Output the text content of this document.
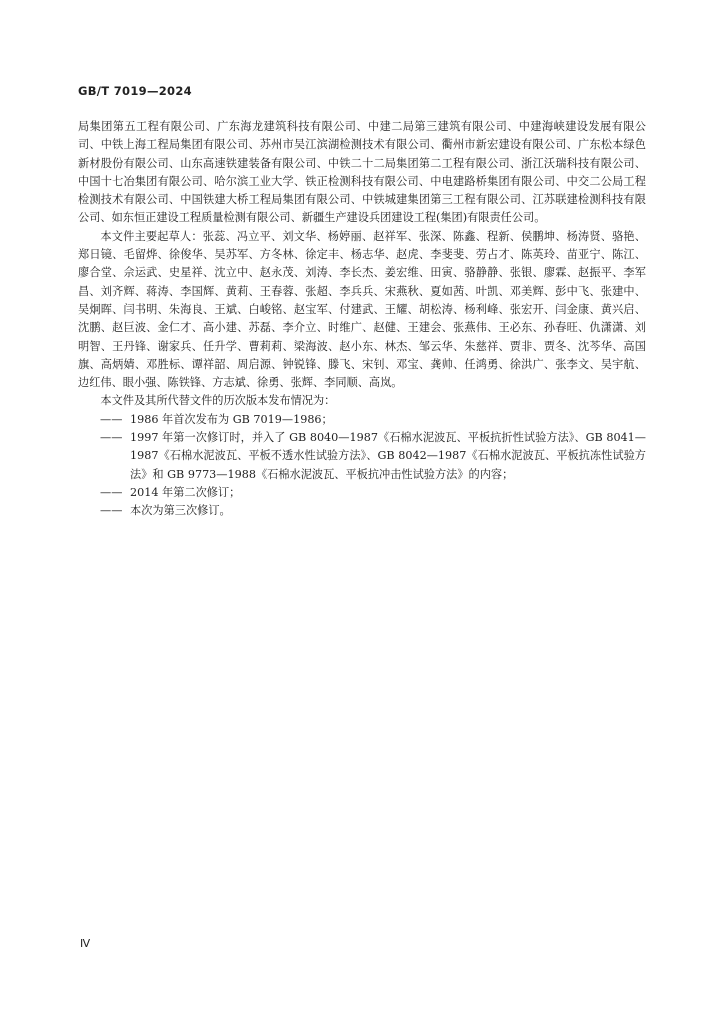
GB/T 7019—2024

局集团第五工程有限公司、广东海龙建筑科技有限公司、中建二局第三建筑有限公司、中建海峡建设发展有限公司、中铁上海工程局集团有限公司、苏州市吴江滨湖检测技术有限公司、衢州市新宏建设有限公司、广东松本绿色新材股份有限公司、山东高速铁建装备有限公司、中铁二十二局集团第二工程有限公司、浙江沃瑞科技有限公司、中国十七冶集团有限公司、哈尔滨工业大学、铁正检测科技有限公司、中电建路桥集团有限公司、中交二公局工程检测技术有限公司、中国铁建大桥工程局集团有限公司、中铁城建集团第三工程有限公司、江苏联建检测科技有限公司、如东恒正建设工程质量检测有限公司、新疆生产建设兵团建设工程(集团)有限责任公司。

本文件主要起草人：张蕊、冯立平、刘文华、杨婷丽、赵祥军、张深、陈鑫、程新、侯鹏坤、杨涛贤、骆艳、郑日镜、毛留烨、徐俊华、吴苏军、方冬林、徐定丰、杨志华、赵虎、李斐斐、劳占才、陈英玲、苗亚宁、陈江、廖合堂、佘运武、史星祥、沈立中、赵永茂、刘涛、李长杰、姜宏维、田寅、骆静静、张银、廖霖、赵振平、李军昌、刘齐辉、蒋涛、李国辉、黄莉、王春蓉、张超、李兵兵、宋燕秋、夏如茜、叶凯、邓美辉、彭中飞、张建中、吴炯晖、闫书明、朱海良、王斌、白峻铭、赵宝军、付建武、王耀、胡松涛、杨利峰、张宏开、闫金康、黄兴启、沈鹏、赵巨波、金仁才、高小建、苏磊、李介立、时维广、赵健、王建会、张燕伟、王必东、孙春旺、仇潇潇、刘明智、王丹锋、谢家兵、任升学、曹莉莉、梁海波、赵小东、林杰、邹云华、朱慈祥、贾非、贾冬、沈芩华、高国旗、高炳婧、邓胜标、谭祥韶、周启源、钟锐锋、滕飞、宋钊、邓宝、龚帅、任鸿勇、徐洪广、张李文、吴宇航、边红伟、眼小强、陈铁锋、方志斌、徐勇、张辉、李同顺、高岚。

本文件及其所代替文件的历次版本发布情况为：

—— 1986 年首次发布为 GB 7019—1986；
—— 1997 年第一次修订时，并入了 GB 8040—1987《石棉水泥波瓦、平板抗折性试验方法》、GB 8041—1987《石棉水泥波瓦、平板不透水性试验方法》、GB 8042—1987《石棉水泥波瓦、平板抗冻性试验方法》和 GB 9773—1988《石棉水泥波瓦、平板抗冲击性试验方法》的内容；
—— 2014 年第二次修订；
—— 本次为第三次修订。
Ⅳ
